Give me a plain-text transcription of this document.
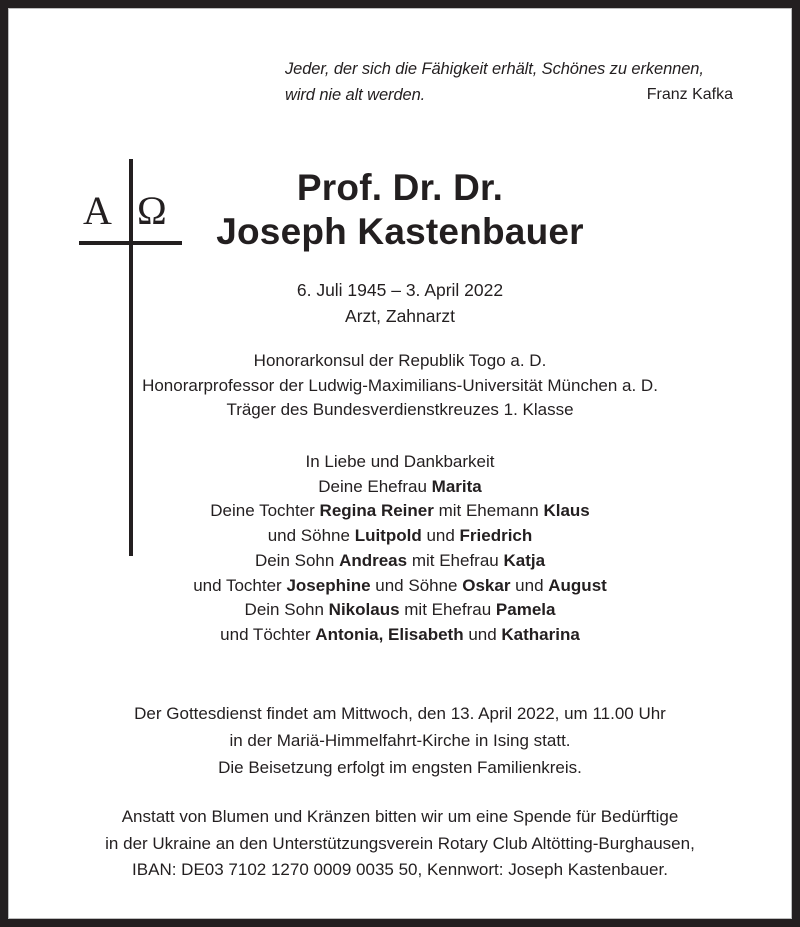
Jeder, der sich die Fähigkeit erhält, Schönes zu erkennen,
wird nie alt werden.	Franz Kafka
A Ω
Prof. Dr. Dr.
Joseph Kastenbauer
6. Juli 1945 – 3. April 2022
Arzt, Zahnarzt
Honorarkonsul der Republik Togo a. D.
Honorarprofessor der Ludwig-Maximilians-Universität München a. D.
Träger des Bundesverdienstkreuzes 1. Klasse
In Liebe und Dankbarkeit
Deine Ehefrau Marita
Deine Tochter Regina Reiner mit Ehemann Klaus
und Söhne Luitpold und Friedrich
Dein Sohn Andreas mit Ehefrau Katja
und Tochter Josephine und Söhne Oskar und August
Dein Sohn Nikolaus mit Ehefrau Pamela
und Töchter Antonia, Elisabeth und Katharina
Der Gottesdienst findet am Mittwoch, den 13. April 2022, um 11.00 Uhr
in der Mariä-Himmelfahrt-Kirche in Ising statt.
Die Beisetzung erfolgt im engsten Familienkreis.
Anstatt von Blumen und Kränzen bitten wir um eine Spende für Bedürftige
in der Ukraine an den Unterstützungsverein Rotary Club Altötting-Burghausen,
IBAN: DE03 7102 1270 0009 0035 50, Kennwort: Joseph Kastenbauer.
